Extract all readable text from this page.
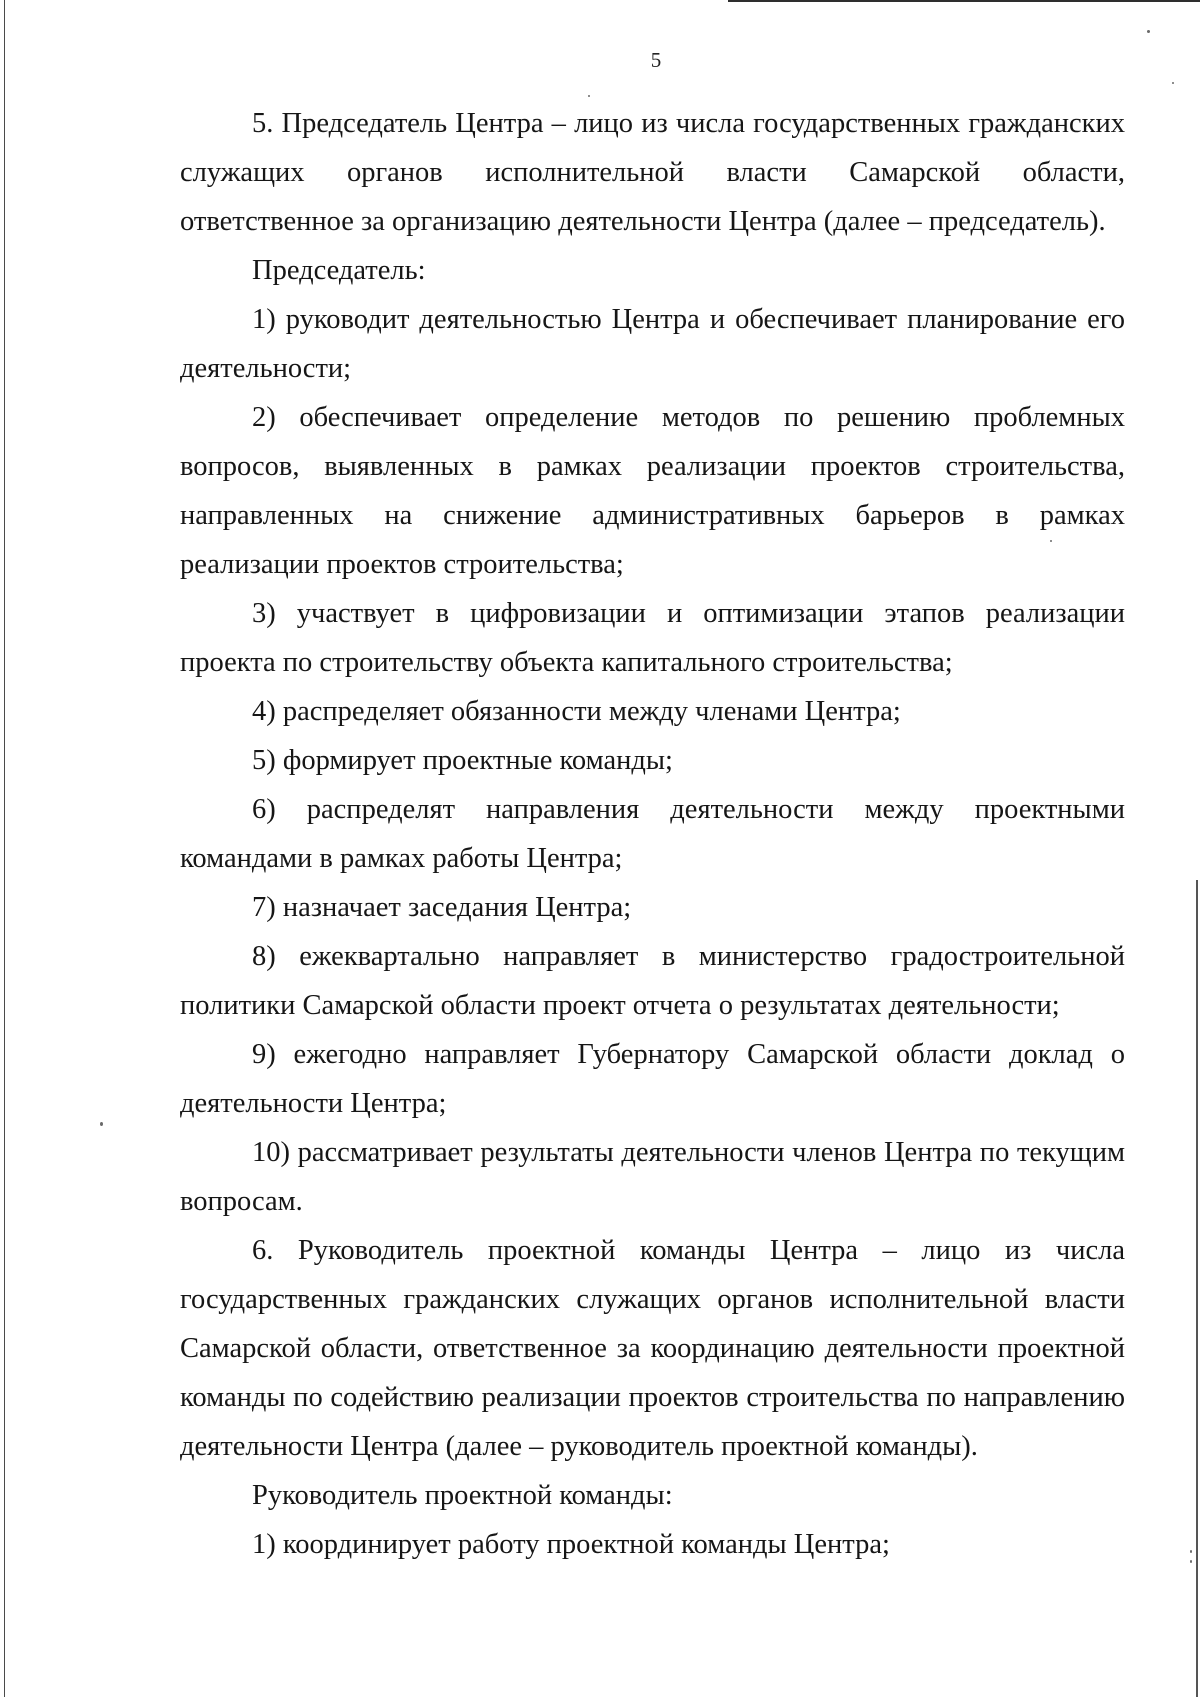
5

5. Председатель Центра – лицо из числа государственных гражданских служащих органов исполнительной власти Самарской области, ответственное за организацию деятельности Центра (далее – председатель).

Председатель:

1) руководит деятельностью Центра и обеспечивает планирование его деятельности;

2) обеспечивает определение методов по решению проблемных вопросов, выявленных в рамках реализации проектов строительства, направленных на снижение административных барьеров в рамках реализации проектов строительства;

3) участвует в цифровизации и оптимизации этапов реализации проекта по строительству объекта капитального строительства;

4) распределяет обязанности между членами Центра;

5) формирует проектные команды;

6) распределят направления деятельности между проектными командами в рамках работы Центра;

7) назначает заседания Центра;

8) ежеквартально направляет в министерство градостроительной политики Самарской области проект отчета о результатах деятельности;

9) ежегодно направляет Губернатору Самарской области доклад о деятельности Центра;

10) рассматривает результаты деятельности членов Центра по текущим вопросам.

6. Руководитель проектной команды Центра – лицо из числа государственных гражданских служащих органов исполнительной власти Самарской области, ответственное за координацию деятельности проектной команды по содействию реализации проектов строительства по направлению деятельности Центра (далее – руководитель проектной команды).

Руководитель проектной команды:

1) координирует работу проектной команды Центра;
